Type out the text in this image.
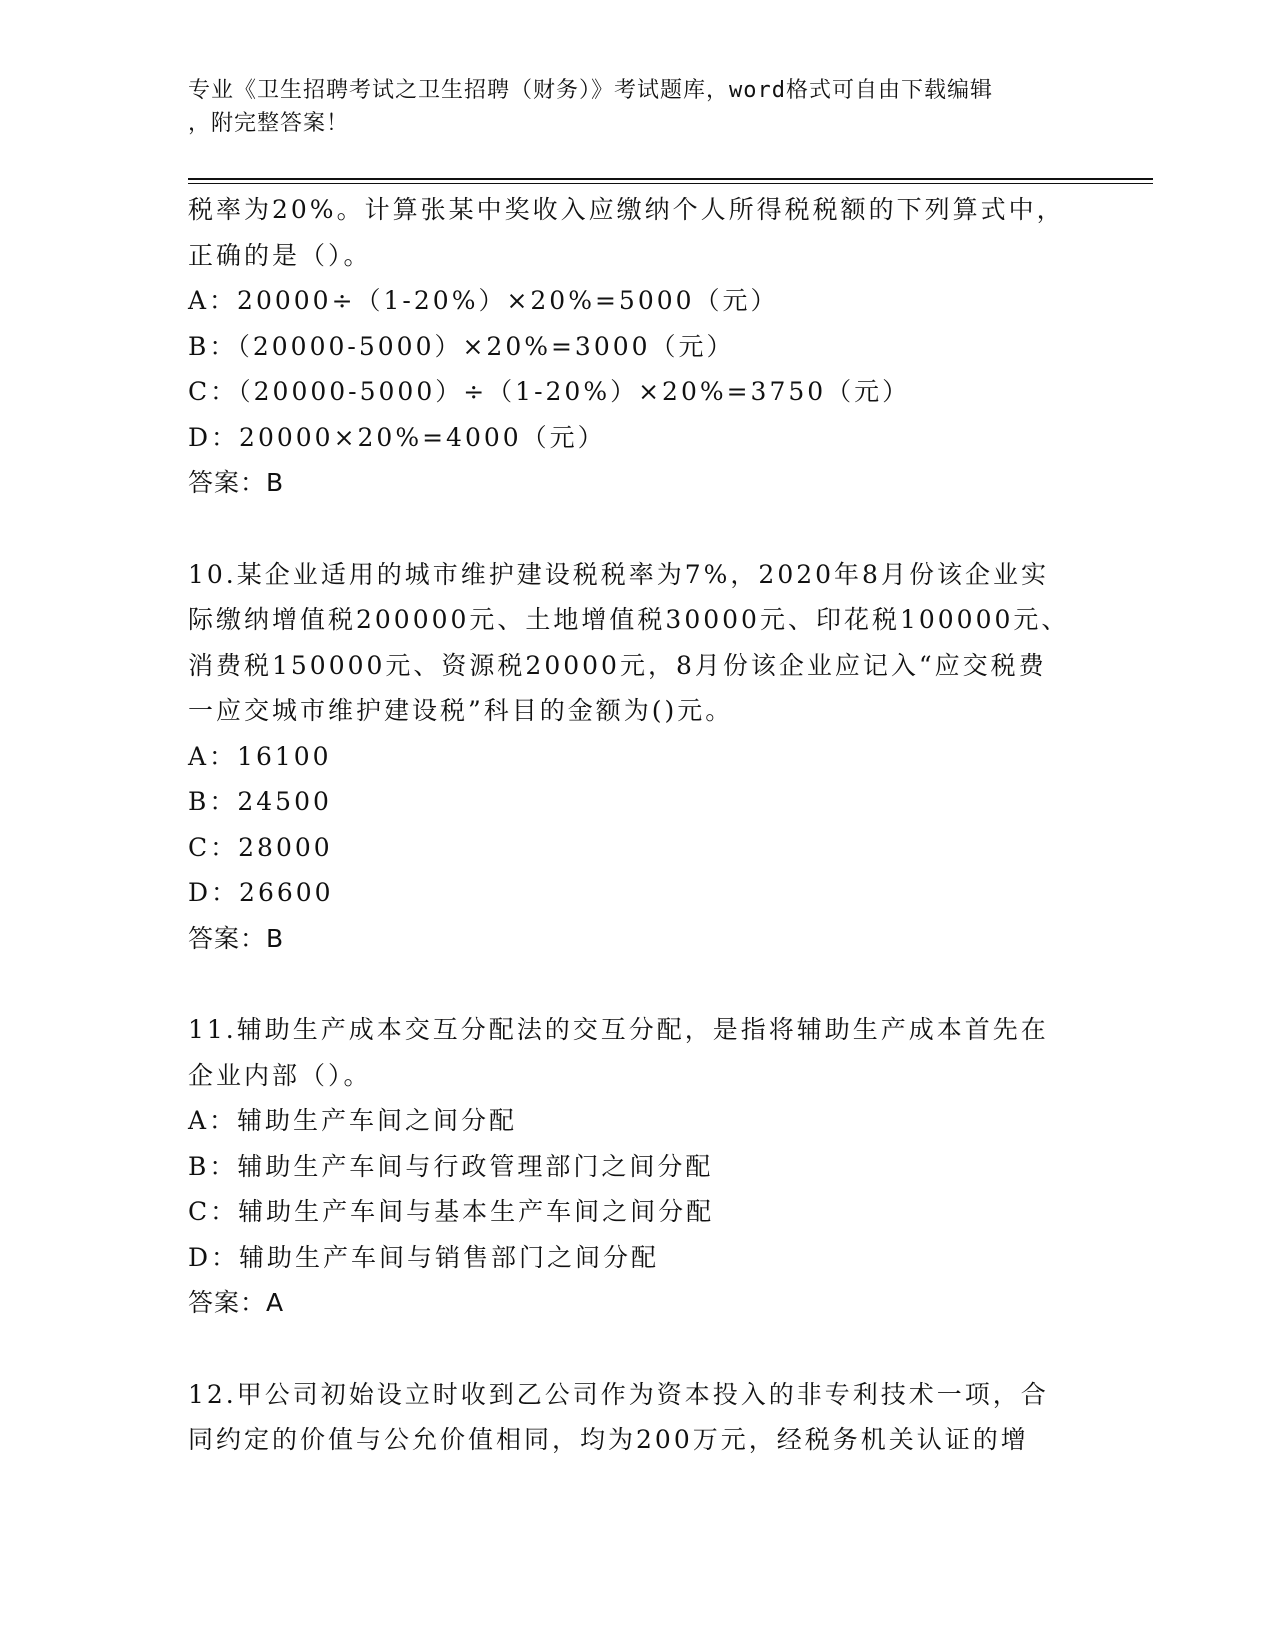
专业《卫生招聘考试之卫生招聘（财务）》考试题库，word格式可自由下载编辑
，附完整答案！
税率为20%。计算张某中奖收入应缴纳个人所得税税额的下列算式中，
正确的是（）。
A：20000÷（1-20%）×20%=5000（元）
B：（20000-5000）×20%=3000（元）
C：（20000-5000）÷（1-20%）×20%=3750（元）
D：20000×20%=4000（元）
答案：B
10.某企业适用的城市维护建设税税率为7%，2020年8月份该企业实
际缴纳增值税200000元、土地增值税30000元、印花税100000元、
消费税150000元、资源税20000元，8月份该企业应记入“应交税费
一应交城市维护建设税”科目的金额为()元。
A：16100
B：24500
C：28000
D：26600
答案：B
11.辅助生产成本交互分配法的交互分配，是指将辅助生产成本首先在
企业内部（）。
A：辅助生产车间之间分配
B：辅助生产车间与行政管理部门之间分配
C：辅助生产车间与基本生产车间之间分配
D：辅助生产车间与销售部门之间分配
答案：A
12.甲公司初始设立时收到乙公司作为资本投入的非专利技术一项，合
同约定的价值与公允价值相同，均为200万元，经税务机关认证的增
